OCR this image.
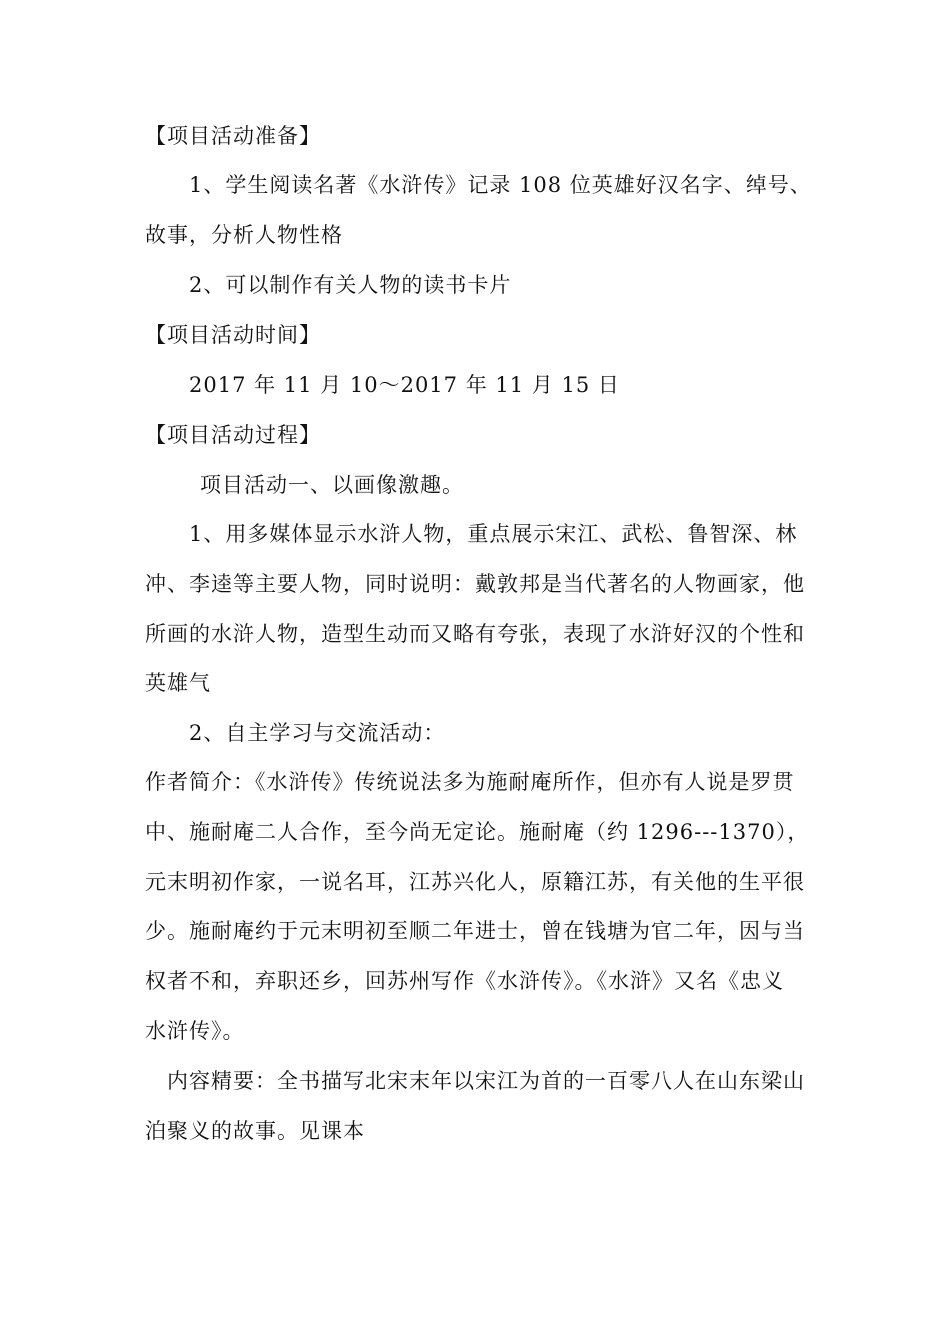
【项目活动准备】
1、学生阅读名著《水浒传》记录 108 位英雄好汉名字、绰号、
故事，分析人物性格
2、可以制作有关人物的读书卡片
【项目活动时间】
2017 年 11 月 10～2017 年 11 月 15 日
【项目活动过程】
项目活动一、以画像激趣。
1、用多媒体显示水浒人物，重点展示宋江、武松、鲁智深、林
冲、李逵等主要人物，同时说明：戴敦邦是当代著名的人物画家，他
所画的水浒人物，造型生动而又略有夸张，表现了水浒好汉的个性和
英雄气
2、自主学习与交流活动：
作者简介：《水浒传》传统说法多为施耐庵所作，但亦有人说是罗贯
中、施耐庵二人合作，至今尚无定论。施耐庵（约 1296---1370），
元末明初作家，一说名耳，江苏兴化人，原籍江苏，有关他的生平很
少。施耐庵约于元末明初至顺二年进士，曾在钱塘为官二年，因与当
权者不和，弃职还乡，回苏州写作《水浒传》。《水浒》又名《忠义
水浒传》。
内容精要：全书描写北宋末年以宋江为首的一百零八人在山东梁山
泊聚义的故事。见课本
